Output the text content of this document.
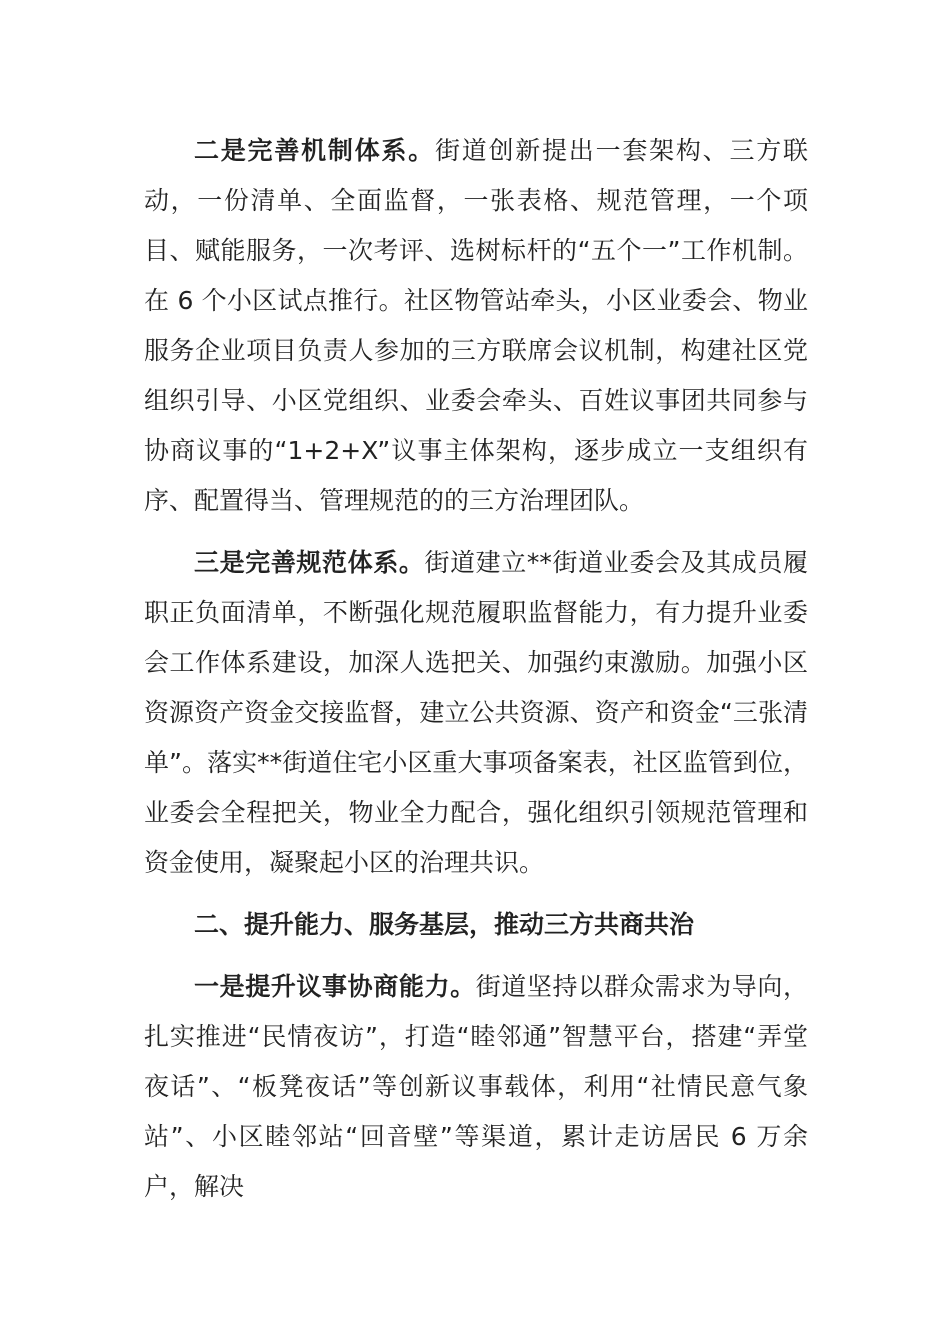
二是完善机制体系。街道创新提出一套架构、三方联动，一份清单、全面监督，一张表格、规范管理，一个项目、赋能服务，一次考评、选树标杆的“五个一”工作机制。在 6 个小区试点推行。社区物管站牵头，小区业委会、物业服务企业项目负责人参加的三方联席会议机制，构建社区党组织引导、小区党组织、业委会牵头、百姓议事团共同参与协商议事的“1+2+X”议事主体架构，逐步成立一支组织有序、配置得当、管理规范的的三方治理团队。

三是完善规范体系。街道建立**街道业委会及其成员履职正负面清单，不断强化规范履职监督能力，有力提升业委会工作体系建设，加深人选把关、加强约束激励。加强小区资源资产资金交接监督，建立公共资源、资产和资金“三张清单”。落实**街道住宅小区重大事项备案表，社区监管到位，业委会全程把关，物业全力配合，强化组织引领规范管理和资金使用，凝聚起小区的治理共识。

二、提升能力、服务基层，推动三方共商共治

一是提升议事协商能力。街道坚持以群众需求为导向，扎实推进“民情夜访”，打造“睦邻通”智慧平台，搭建“弄堂夜话”、“板凳夜话”等创新议事载体，利用“社情民意气象站”、小区睦邻站“回音壁”等渠道，累计走访居民 6 万余户，解决
